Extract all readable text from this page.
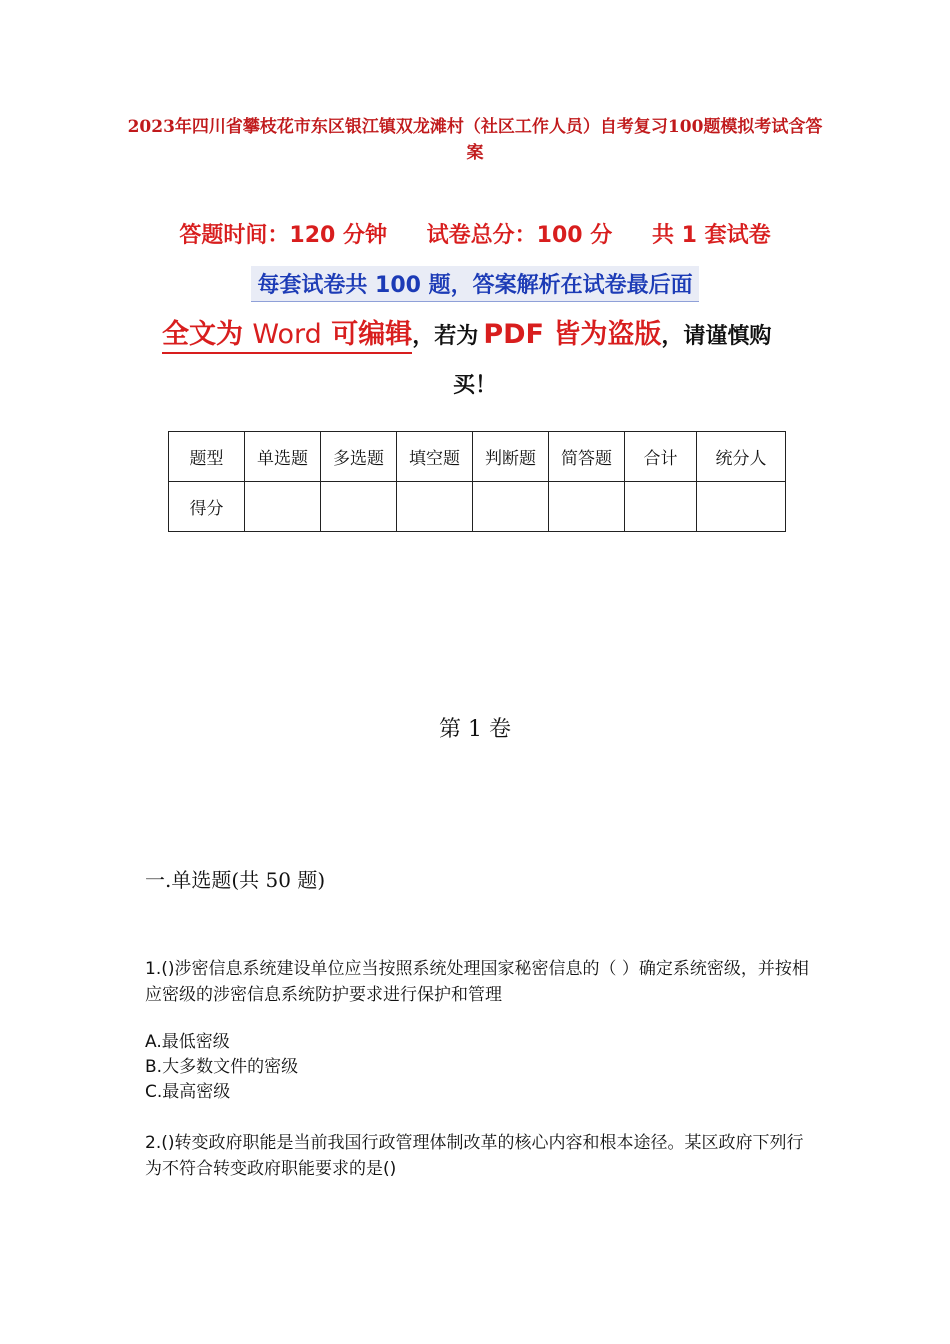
2023年四川省攀枝花市东区银江镇双龙滩村（社区工作人员）自考复习100题模拟考试含答案
答题时间：120 分钟 试卷总分：100 分 共 1 套试卷
每套试卷共 100 题，答案解析在试卷最后面
全文为 Word 可编辑，若为 PDF 皆为盗版，请谨慎购
买！
题型	单选题	多选题	填空题	判断题	简答题	合计	统分人
得分							
第 1 卷
一.单选题(共 50 题)
1.()涉密信息系统建设单位应当按照系统处理国家秘密信息的（ ）确定系统密级，并按相应密级的涉密信息系统防护要求进行保护和管理
A.最低密级
B.大多数文件的密级
C.最高密级
2.()转变政府职能是当前我国行政管理体制改革的核心内容和根本途径。某区政府下列行为不符合转变政府职能要求的是()
